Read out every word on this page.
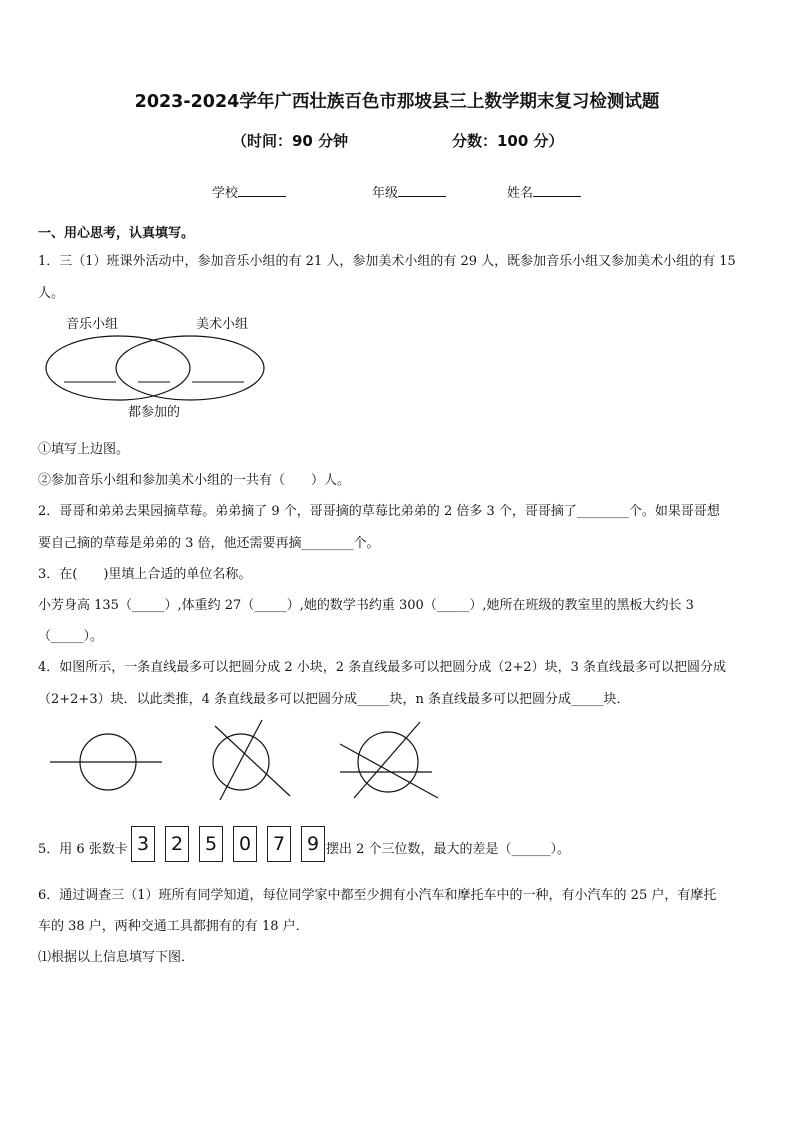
2023-2024学年广西壮族百色市那坡县三上数学期末复习检测试题
（时间：90 分钟	分数：100 分）
学校	年级	姓名
一、用心思考，认真填写。
1．三（1）班课外活动中，参加音乐小组的有 21 人，参加美术小组的有 29 人，既参加音乐小组又参加美术小组的有 15
人。
音乐小组	美术小组
都参加的
①填写上边图。
②参加音乐小组和参加美术小组的一共有（　　）人。
2．哥哥和弟弟去果园摘草莓。弟弟摘了 9 个，哥哥摘的草莓比弟弟的 2 倍多 3 个，哥哥摘了________个。如果哥哥想
要自己摘的草莓是弟弟的 3 倍，他还需要再摘________个。
3．在(　　)里填上合适的单位名称。
小芳身高 135（_____）,体重约 27（_____）,她的数学书约重 300（_____）,她所在班级的教室里的黑板大约长 3
（_____）。
4．如图所示，一条直线最多可以把圆分成 2 小块，2 条直线最多可以把圆分成（2+2）块，3 条直线最多可以把圆分成
（2+2+3）块．以此类推，4 条直线最多可以把圆分成_____块，n 条直线最多可以把圆分成_____块．
5．用 6 张数卡 3	2	5	0	7	9 摆出 2 个三位数，最大的差是（______）。
6．通过调查三（1）班所有同学知道，每位同学家中都至少拥有小汽车和摩托车中的一种，有小汽车的 25 户，有摩托
车的 38 户，两种交通工具都拥有的有 18 户．
⑴根据以上信息填写下图．
